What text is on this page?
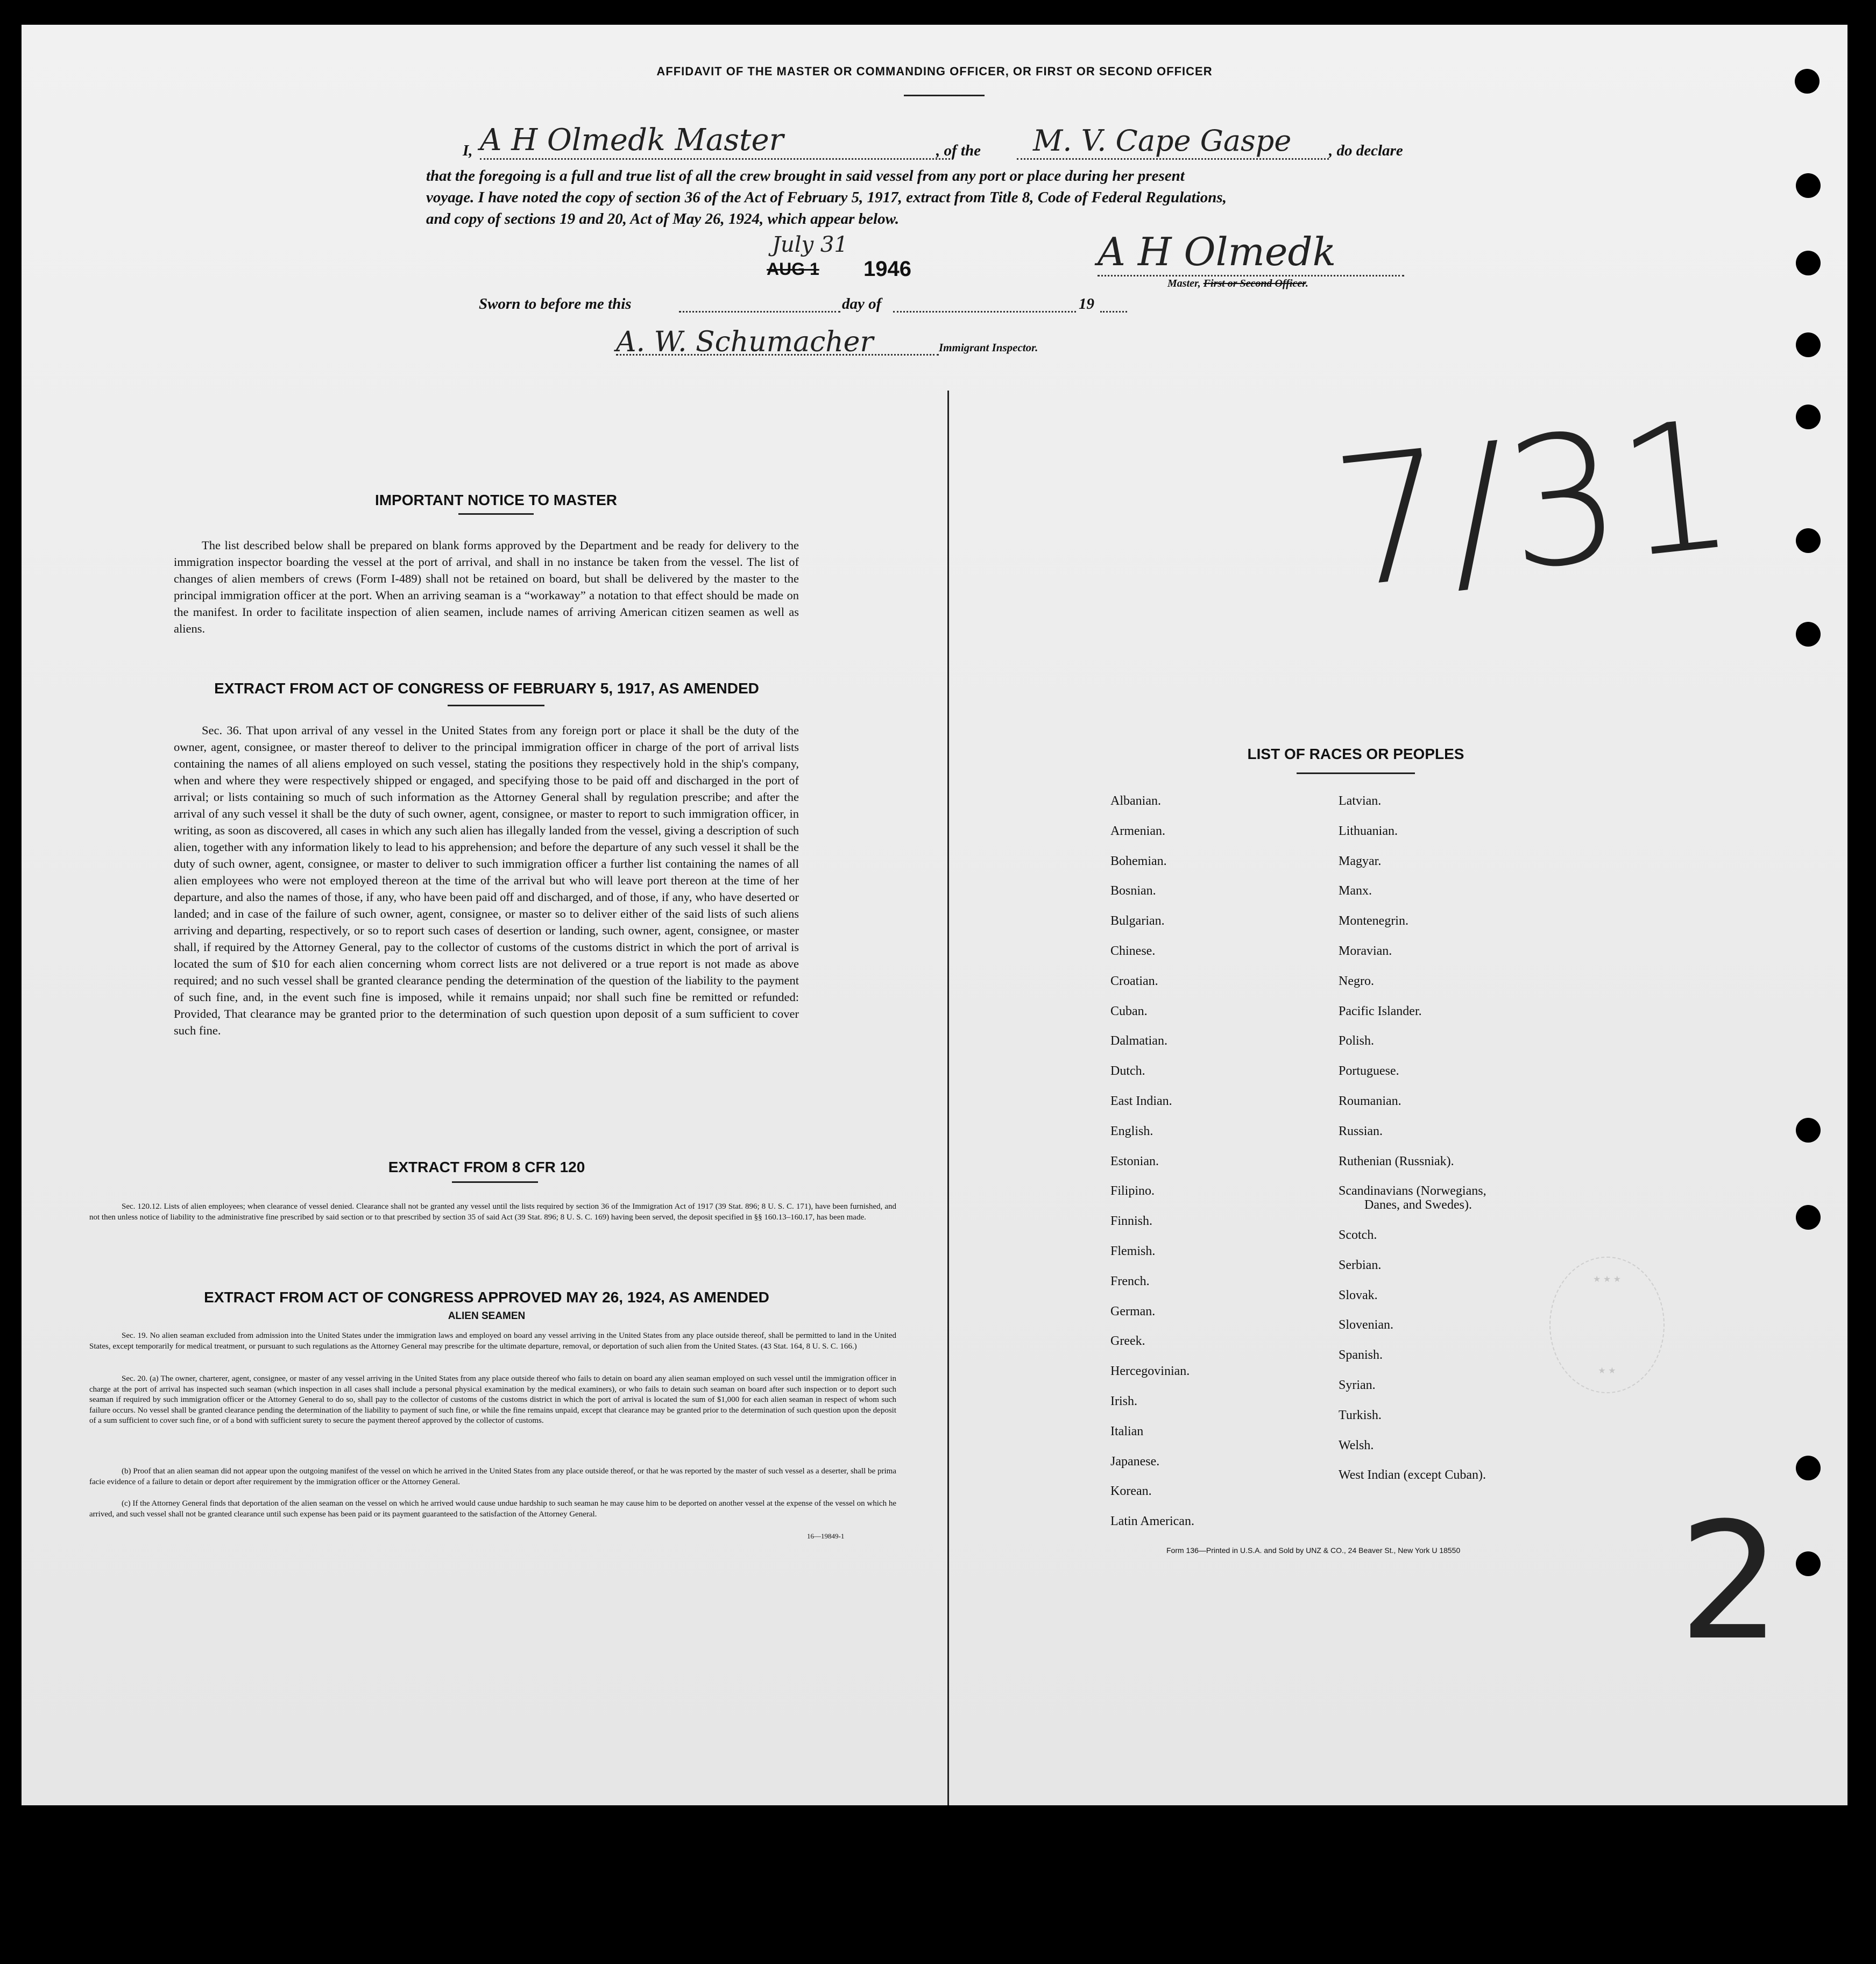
AFFIDAVIT OF THE MASTER OR COMMANDING OFFICER, OR FIRST OR SECOND OFFICER
I, A H Olmedk Master	, of the M. V. Cape Gaspe , do declare
that the foregoing is a full and true list of all the crew brought in said vessel from any port or place during her present
voyage. I have noted the copy of section 36 of the Act of February 5, 1917, extract from Title 8, Code of Federal Regulations,
and copy of sections 19 and 20, Act of May 26, 1924, which appear below.
July 31
AUG 1 1946	A H Olmedk
Master, First or Second Officer.
Sworn to before me this	day of	19
A. W. Schumacher	Immigrant Inspector.
IMPORTANT NOTICE TO MASTER
The list described below shall be prepared on blank forms approved by the Department and be ready for delivery to the immigration inspector boarding the vessel at the port of arrival, and shall in no instance be taken from the vessel. The list of changes of alien members of crews (Form I-489) shall not be retained on board, but shall be delivered by the master to the principal immigration officer at the port. When an arriving seaman is a “workaway” a notation to that effect should be made on the manifest. In order to facilitate inspection of alien seamen, include names of arriving American citizen seamen as well as aliens.
EXTRACT FROM ACT OF CONGRESS OF FEBRUARY 5, 1917, AS AMENDED
Sec. 36. That upon arrival of any vessel in the United States from any foreign port or place it shall be the duty of the owner, agent, consignee, or master thereof to deliver to the principal immigration officer in charge of the port of arrival lists containing the names of all aliens employed on such vessel, stating the positions they respectively hold in the ship's company, when and where they were respectively shipped or engaged, and specifying those to be paid off and discharged in the port of arrival; or lists containing so much of such information as the Attorney General shall by regulation prescribe; and after the arrival of any such vessel it shall be the duty of such owner, agent, consignee, or master to report to such immigration officer, in writing, as soon as discovered, all cases in which any such alien has illegally landed from the vessel, giving a description of such alien, together with any information likely to lead to his apprehension; and before the departure of any such vessel it shall be the duty of such owner, agent, consignee, or master to deliver to such immigration officer a further list containing the names of all alien employees who were not employed thereon at the time of the arrival but who will leave port thereon at the time of her departure, and also the names of those, if any, who have been paid off and discharged, and of those, if any, who have deserted or landed; and in case of the failure of such owner, agent, consignee, or master so to deliver either of the said lists of such aliens arriving and departing, respectively, or so to report such cases of desertion or landing, such owner, agent, consignee, or master shall, if required by the Attorney General, pay to the collector of customs of the customs district in which the port of arrival is located the sum of $10 for each alien concerning whom correct lists are not delivered or a true report is not made as above required; and no such vessel shall be granted clearance pending the determination of the question of the liability to the payment of such fine, and, in the event such fine is imposed, while it remains unpaid; nor shall such fine be remitted or refunded: Provided, That clearance may be granted prior to the determination of such question upon deposit of a sum sufficient to cover such fine.
EXTRACT FROM 8 CFR 120
Sec. 120.12. Lists of alien employees; when clearance of vessel denied. Clearance shall not be granted any vessel until the lists required by section 36 of the Immigration Act of 1917 (39 Stat. 896; 8 U. S. C. 171), have been furnished, and not then unless notice of liability to the administrative fine prescribed by said section or to that prescribed by section 35 of said Act (39 Stat. 896; 8 U. S. C. 169) having been served, the deposit specified in §§ 160.13–160.17, has been made.
EXTRACT FROM ACT OF CONGRESS APPROVED MAY 26, 1924, AS AMENDED
ALIEN SEAMEN
Sec. 19. No alien seaman excluded from admission into the United States under the immigration laws and employed on board any vessel arriving in the United States from any place outside thereof, shall be permitted to land in the United States, except temporarily for medical treatment, or pursuant to such regulations as the Attorney General may prescribe for the ultimate departure, removal, or deportation of such alien from the United States. (43 Stat. 164, 8 U. S. C. 166.)
Sec. 20. (a) The owner, charterer, agent, consignee, or master of any vessel arriving in the United States from any place outside thereof who fails to detain on board any alien seaman employed on such vessel until the immigration officer in charge at the port of arrival has inspected such seaman (which inspection in all cases shall include a personal physical examination by the medical examiners), or who fails to detain such seaman on board after such inspection or to deport such seaman if required by such immigration officer or the Attorney General to do so, shall pay to the collector of customs of the customs district in which the port of arrival is located the sum of $1,000 for each alien seaman in respect of whom such failure occurs. No vessel shall be granted clearance pending the determination of the liability to payment of such fine, or while the fine remains unpaid, except that clearance may be granted prior to the determination of such question upon the deposit of a sum sufficient to cover such fine, or of a bond with sufficient surety to secure the payment thereof approved by the collector of customs.
(b) Proof that an alien seaman did not appear upon the outgoing manifest of the vessel on which he arrived in the United States from any place outside thereof, or that he was reported by the master of such vessel as a deserter, shall be prima facie evidence of a failure to detain or deport after requirement by the immigration officer or the Attorney General.
(c) If the Attorney General finds that deportation of the alien seaman on the vessel on which he arrived would cause undue hardship to such seaman he may cause him to be deported on another vessel at the expense of the vessel on which he arrived, and such vessel shall not be granted clearance until such expense has been paid or its payment guaranteed to the satisfaction of the Attorney General.
16—19849-1
LIST OF RACES OR PEOPLES
Form 136—Printed in U.S.A. and Sold by UNZ & CO., 24 Beaver St., New York U 18550
★ ★ ★
★ ★
7/31
2
Albanian.
Armenian.
Bohemian.
Bosnian.
Bulgarian.
Chinese.
Croatian.
Cuban.
Dalmatian.
Dutch.
East Indian.
English.
Estonian.
Filipino.
Finnish.
Flemish.
French.
German.
Greek.
Hercegovinian.
Irish.
Italian
Japanese.
Korean.
Latin American.
Latvian.
Lithuanian.
Magyar.
Manx.
Montenegrin.
Moravian.
Negro.
Pacific Islander.
Polish.
Portuguese.
Roumanian.
Russian.
Ruthenian (Russniak).
Scandinavians (Norwegians,
Danes, and Swedes).
Scotch.
Serbian.
Slovak.
Slovenian.
Spanish.
Syrian.
Turkish.
Welsh.
West Indian (except Cuban).
